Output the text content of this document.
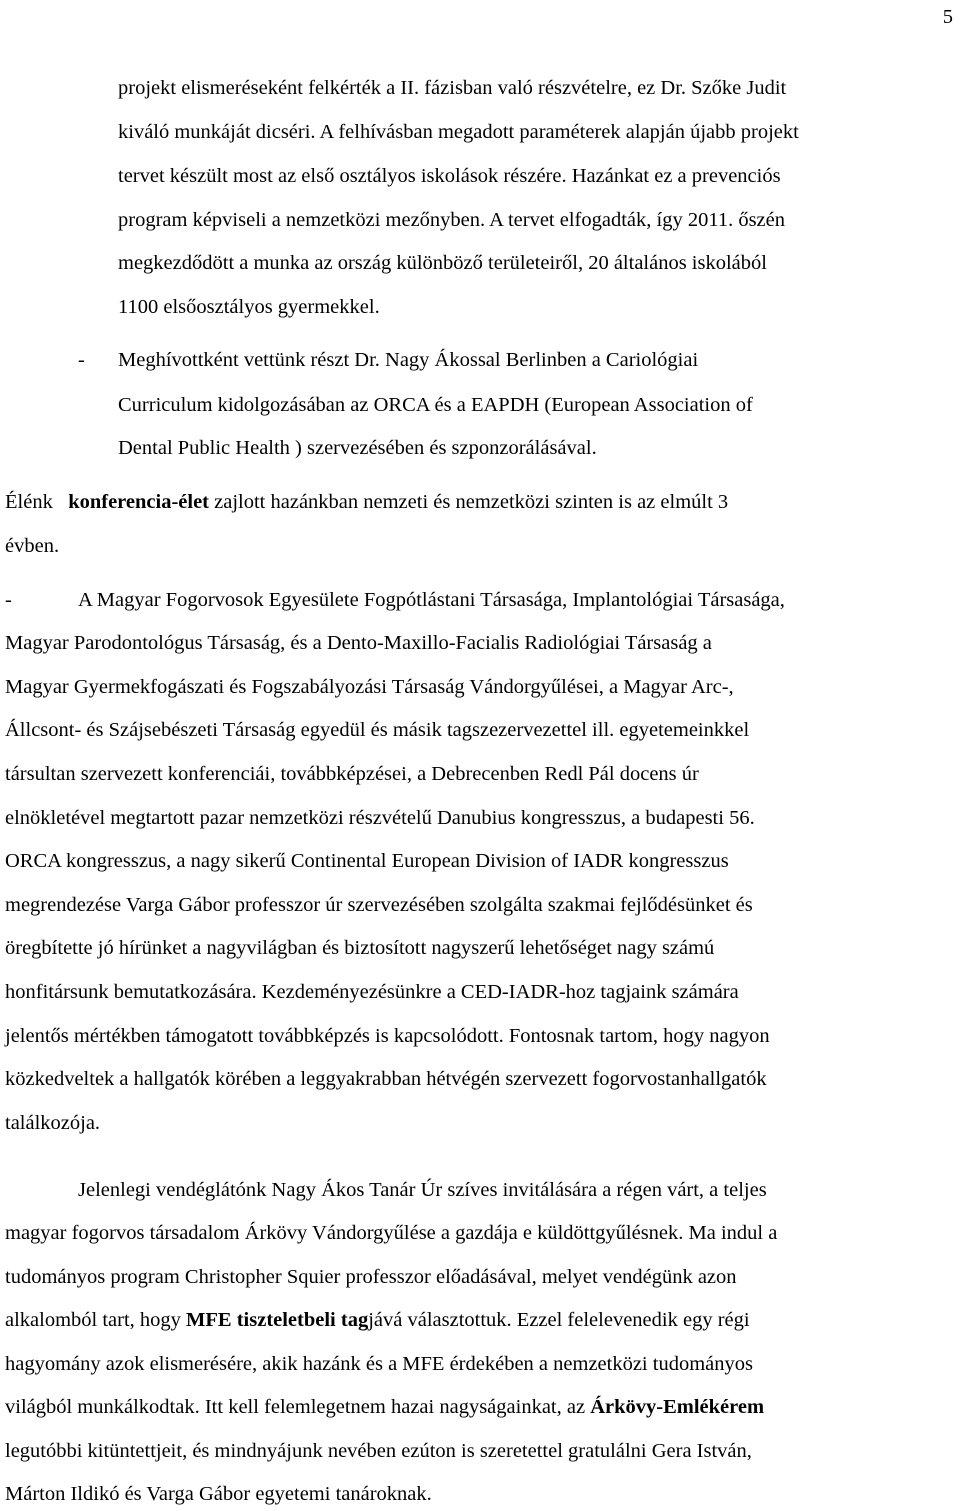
5
projekt elismeréseként felkérték a II. fázisban való részvételre, ez Dr. Szőke Judit
kiváló munkáját dicséri. A felhívásban megadott paraméterek alapján újabb projekt
tervet készült most az első osztályos iskolások részére. Hazánkat ez a prevenciós
program képviseli a nemzetközi mezőnyben. A tervet elfogadták, így 2011. őszén
megkezdődött a munka az ország különböző területeiről, 20 általános iskolából
1100 elsőosztályos gyermekkel.
- Meghívottként vettünk részt Dr. Nagy Ákossal Berlinben a Cariológiai
Curriculum kidolgozásában az ORCA és a EAPDH (European Association of
Dental Public Health ) szervezésében és szponzorálásával.
Élénk konferencia-élet zajlott hazánkban nemzeti és nemzetközi szinten is az elmúlt 3
évben.
-	A Magyar Fogorvosok Egyesülete Fogpótlástani Társasága, Implantológiai Társasága,
Magyar Parodontológus Társaság, és a Dento-Maxillo-Facialis Radiológiai Társaság a
Magyar Gyermekfogászati és Fogszabályozási Társaság Vándorgyűlései, a Magyar Arc-,
Állcsont- és Szájsebészeti Társaság egyedül és másik tagszezervezettel ill. egyetemeinkkel
társultan szervezett konferenciái, továbbképzései, a Debrecenben Redl Pál docens úr
elnökletével megtartott pazar nemzetközi részvételű Danubius kongresszus, a budapesti 56.
ORCA kongresszus, a nagy sikerű Continental European Division of IADR kongresszus
megrendezése Varga Gábor professzor úr szervezésében szolgálta szakmai fejlődésünket és
öregbítette jó hírünket a nagyvilágban és biztosított nagyszerű lehetőséget nagy számú
honfitársunk bemutatkozására. Kezdeményezésünkre a CED-IADR-hoz tagjaink számára
jelentős mértékben támogatott továbbképzés is kapcsolódott. Fontosnak tartom, hogy nagyon
közkedveltek a hallgatók körében a leggyakrabban hétvégén szervezett fogorvostanhallgatók
találkozója.
Jelenlegi vendéglátónk Nagy Ákos Tanár Úr szíves invitálására a régen várt, a teljes
magyar fogorvos társadalom Árkövy Vándorgyűlése a gazdája e küldöttgyűlésnek. Ma indul a
tudományos program Christopher Squier professzor előadásával, melyet vendégünk azon
alkalomból tart, hogy MFE tiszteletbeli tagjává választottuk. Ezzel felelevenedik egy régi
hagyomány azok elismerésére, akik hazánk és a MFE érdekében a nemzetközi tudományos
világból munkálkodtak. Itt kell felemlegetnem hazai nagyságainkat, az Árkövy-Emlékérem
legutóbbi kitüntettjeit, és mindnyájunk nevében ezúton is szeretettel gratulálni Gera István,
Márton Ildikó és Varga Gábor egyetemi tanároknak.
